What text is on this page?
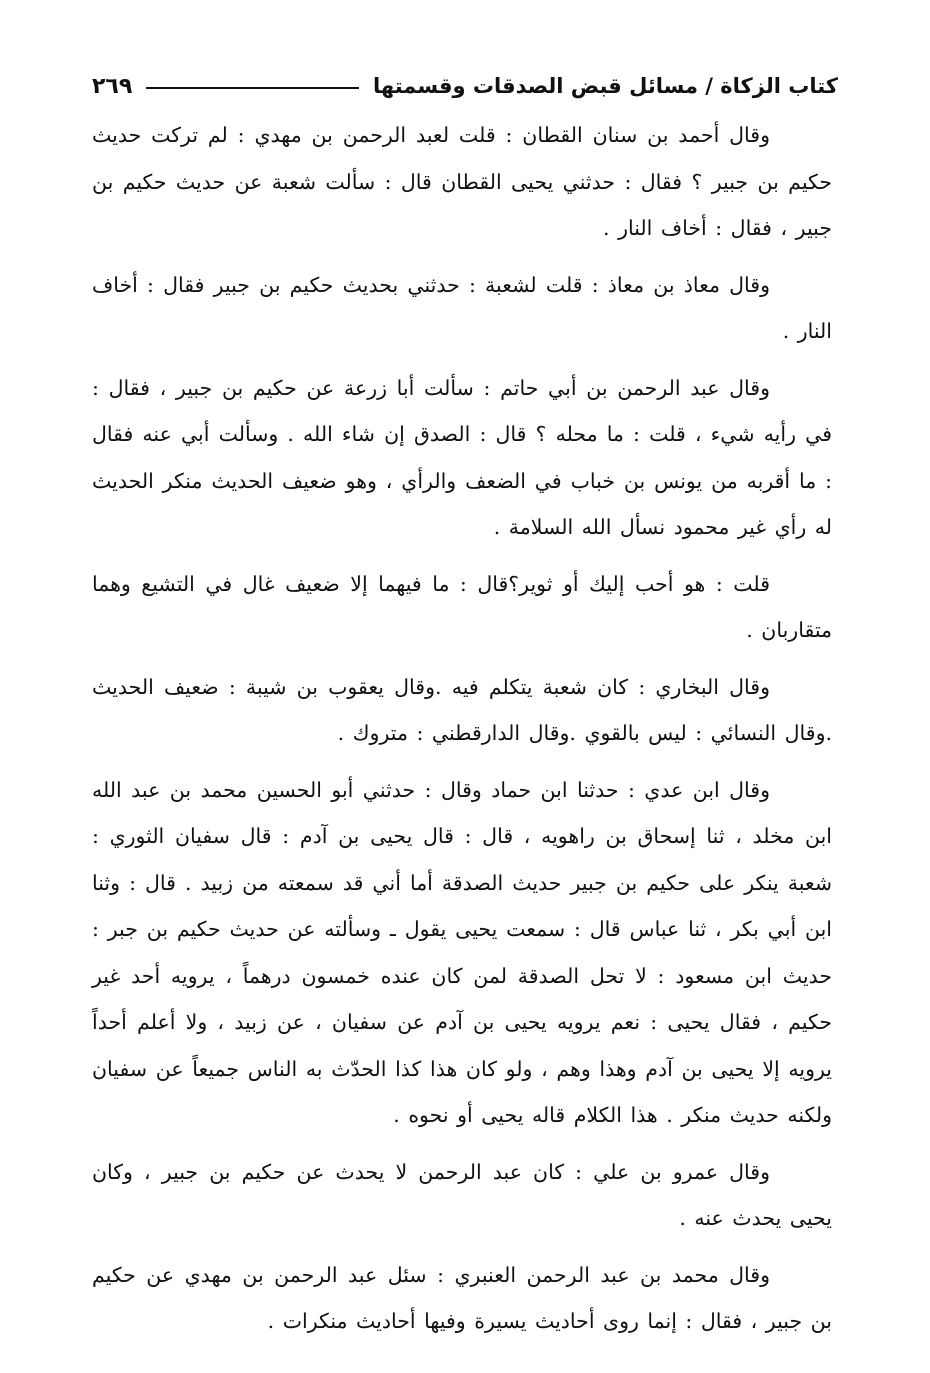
كتاب الزكاة / مسائل قبض الصدقات وقسمتها
٢٦٩

وقال أحمد بن سنان القطان : قلت لعبد الرحمن بن مهدي : لم تركت حديث حكيم بن جبير ؟ فقال : حدثني يحيى القطان قال : سألت شعبة عن حديث حكيم بن جبير ، فقال : أخاف النار .

وقال معاذ بن معاذ : قلت لشعبة : حدثني بحديث حكيم بن جبير فقال : أخاف النار .

وقال عبد الرحمن بن أبي حاتم : سألت أبا زرعة عن حكيم بن جبير ، فقال : في رأيه شيء ، قلت : ما محله ؟ قال : الصدق إن شاء الله . وسألت أبي عنه فقال : ما أقربه من يونس بن خباب في الضعف والرأي ، وهو ضعيف الحديث منكر الحديث له رأي غير محمود نسأل الله السلامة .

قلت : هو أحب إليك أو ثوير؟قال : ما فيهما إلا ضعيف غال في التشيع وهما متقاربان .

وقال البخاري : كان شعبة يتكلم فيه .وقال يعقوب بن شيبة : ضعيف الحديث .وقال النسائي : ليس بالقوي .وقال الدارقطني : متروك .

وقال ابن عدي : حدثنا ابن حماد وقال : حدثني أبو الحسين محمد بن عبد الله ابن مخلد ، ثنا إسحاق بن راهويه ، قال : قال يحيى بن آدم : قال سفيان الثوري : شعبة ينكر على حكيم بن جبير حديث الصدقة أما أني قد سمعته من زبيد . قال : وثنا ابن أبي بكر ، ثنا عباس قال : سمعت يحيى يقول ـ وسألته عن حديث حكيم بن جبر : حديث ابن مسعود : لا تحل الصدقة لمن كان عنده خمسون درهماً ، يرويه أحد غير حكيم ، فقال يحيى : نعم يرويه يحيى بن آدم عن سفيان ، عن زبيد ، ولا أعلم أحداً يرويه إلا يحيى بن آدم وهذا وهم ، ولو كان هذا كذا الحدّث به الناس جميعاً عن سفيان ولكنه حديث منكر . هذا الكلام قاله يحيى أو نحوه .

وقال عمرو بن علي : كان عبد الرحمن لا يحدث عن حكيم بن جبير ، وكان يحيى يحدث عنه .

وقال محمد بن عبد الرحمن العنبري : سئل عبد الرحمن بن مهدي عن حكيم بن جبير ، فقال : إنما روى أحاديث يسيرة وفيها أحاديث منكرات .
